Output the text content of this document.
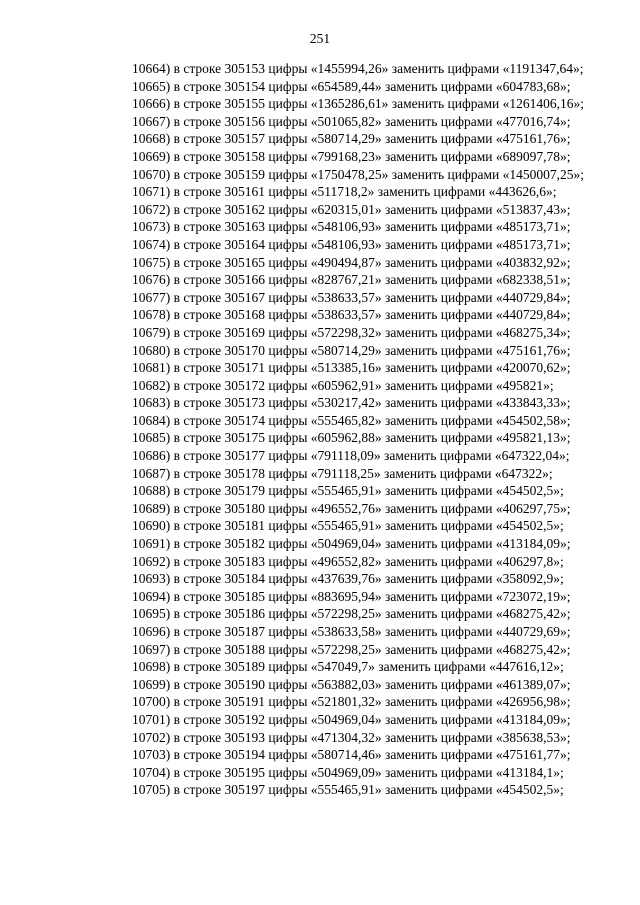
251
10664) в строке 305153 цифры «1455994,26» заменить цифрами «1191347,64»;
10665) в строке 305154 цифры «654589,44» заменить цифрами «604783,68»;
10666) в строке 305155 цифры «1365286,61» заменить цифрами «1261406,16»;
10667) в строке 305156 цифры «501065,82» заменить цифрами «477016,74»;
10668) в строке 305157 цифры «580714,29» заменить цифрами «475161,76»;
10669) в строке 305158 цифры «799168,23» заменить цифрами «689097,78»;
10670) в строке 305159 цифры «1750478,25» заменить цифрами «1450007,25»;
10671) в строке 305161 цифры «511718,2» заменить цифрами «443626,6»;
10672) в строке 305162 цифры «620315,01» заменить цифрами «513837,43»;
10673) в строке 305163 цифры «548106,93» заменить цифрами «485173,71»;
10674) в строке 305164 цифры «548106,93» заменить цифрами «485173,71»;
10675) в строке 305165 цифры «490494,87» заменить цифрами «403832,92»;
10676) в строке 305166 цифры «828767,21» заменить цифрами «682338,51»;
10677) в строке 305167 цифры «538633,57» заменить цифрами «440729,84»;
10678) в строке 305168 цифры «538633,57» заменить цифрами «440729,84»;
10679) в строке 305169 цифры «572298,32» заменить цифрами «468275,34»;
10680) в строке 305170 цифры «580714,29» заменить цифрами «475161,76»;
10681) в строке 305171 цифры «513385,16» заменить цифрами «420070,62»;
10682) в строке 305172 цифры «605962,91» заменить цифрами «495821»;
10683) в строке 305173 цифры «530217,42» заменить цифрами «433843,33»;
10684) в строке 305174 цифры «555465,82» заменить цифрами «454502,58»;
10685) в строке 305175 цифры «605962,88» заменить цифрами «495821,13»;
10686) в строке 305177 цифры «791118,09» заменить цифрами «647322,04»;
10687) в строке 305178 цифры «791118,25» заменить цифрами «647322»;
10688) в строке 305179 цифры «555465,91» заменить цифрами «454502,5»;
10689) в строке 305180 цифры «496552,76» заменить цифрами «406297,75»;
10690) в строке 305181 цифры «555465,91» заменить цифрами «454502,5»;
10691) в строке 305182 цифры «504969,04» заменить цифрами «413184,09»;
10692) в строке 305183 цифры «496552,82» заменить цифрами «406297,8»;
10693) в строке 305184 цифры «437639,76» заменить цифрами «358092,9»;
10694) в строке 305185 цифры «883695,94» заменить цифрами «723072,19»;
10695) в строке 305186 цифры «572298,25» заменить цифрами «468275,42»;
10696) в строке 305187 цифры «538633,58» заменить цифрами «440729,69»;
10697) в строке 305188 цифры «572298,25» заменить цифрами «468275,42»;
10698) в строке 305189 цифры «547049,7» заменить цифрами «447616,12»;
10699) в строке 305190 цифры «563882,03» заменить цифрами «461389,07»;
10700) в строке 305191 цифры «521801,32» заменить цифрами «426956,98»;
10701) в строке 305192 цифры «504969,04» заменить цифрами «413184,09»;
10702) в строке 305193 цифры «471304,32» заменить цифрами «385638,53»;
10703) в строке 305194 цифры «580714,46» заменить цифрами «475161,77»;
10704) в строке 305195 цифры «504969,09» заменить цифрами «413184,1»;
10705) в строке 305197 цифры «555465,91» заменить цифрами «454502,5»;
